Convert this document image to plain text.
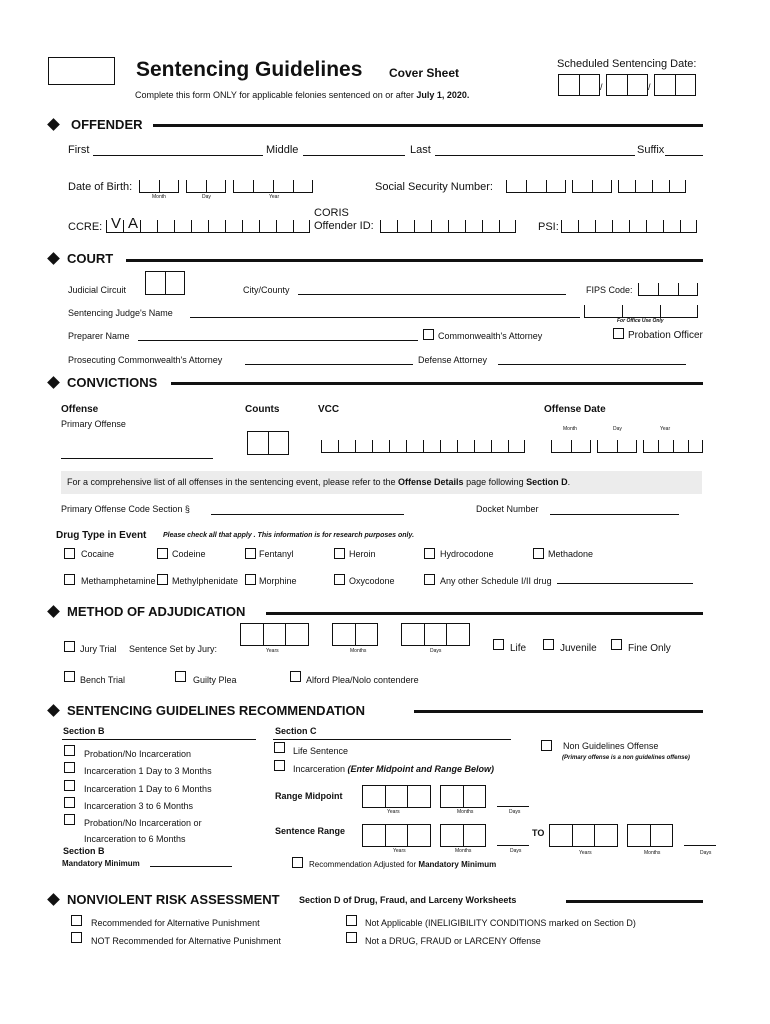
Sentencing Guidelines Cover Sheet
Complete this form ONLY for applicable felonies sentenced on or after July 1, 2020.
Scheduled Sentencing Date:
/	/
OFFENDER
First	Middle	Last	Suffix
Date of Birth:
Month	Day	Year
Social Security Number:
CCRE: V A
CORIS
Offender ID:	PSI:
COURT
Judicial Circuit	City/County	FIPS Code:
Sentencing Judge's Name
For Office Use Only
Preparer Name	Commonwealth's Attorney	Probation Officer
Prosecuting Commonwealth's Attorney	Defense Attorney
CONVICTIONS
Offense
Primary Offense
Counts	VCC	Offense Date
Month	Day	Year
For a comprehensive list of all offenses in the sentencing event, please refer to the Offense Details page following Section D.
Primary Offense Code Section §	Docket Number
Drug Type in Event Please check all that apply . This information is for research purposes only.
Cocaine	Codeine	Fentanyl	Heroin	Hydrocodone	Methadone
Methamphetamine Methylphenidate Morphine	Oxycodone	Any other Schedule I/II drug
METHOD OF ADJUDICATION
Jury Trial Sentence Set by Jury:	Years	Months	Days	Life	Juvenile	Fine Only
Bench Trial	Guilty Plea	Alford Plea/Nolo contendere
SENTENCING GUIDELINES RECOMMENDATION
Section B
Probation/No Incarceration
Incarceration 1 Day to 3 Months
Incarceration 1 Day to 6 Months
Incarceration 3 to 6 Months
Probation/No Incarceration or
Incarceration to 6 Months
Section B
Mandatory Minimum
Section C
Life Sentence
Incarceration (Enter Midpoint and Range Below)
Range Midpoint
Years	Months	Days
Sentence Range
Years	Months	Days
TO
Years	Months	Days
Recommendation Adjusted for Mandatory Minimum
Non Guidelines Offense
(Primary offense is a non guidelines offense)
NONVIOLENT RISK ASSESSMENT Section D of Drug, Fraud, and Larceny Worksheets
Recommended for Alternative Punishment
NOT Recommended for Alternative Punishment
Not Applicable (INELIGIBILITY CONDITIONS marked on Section D)
Not a DRUG, FRAUD or LARCENY Offense
